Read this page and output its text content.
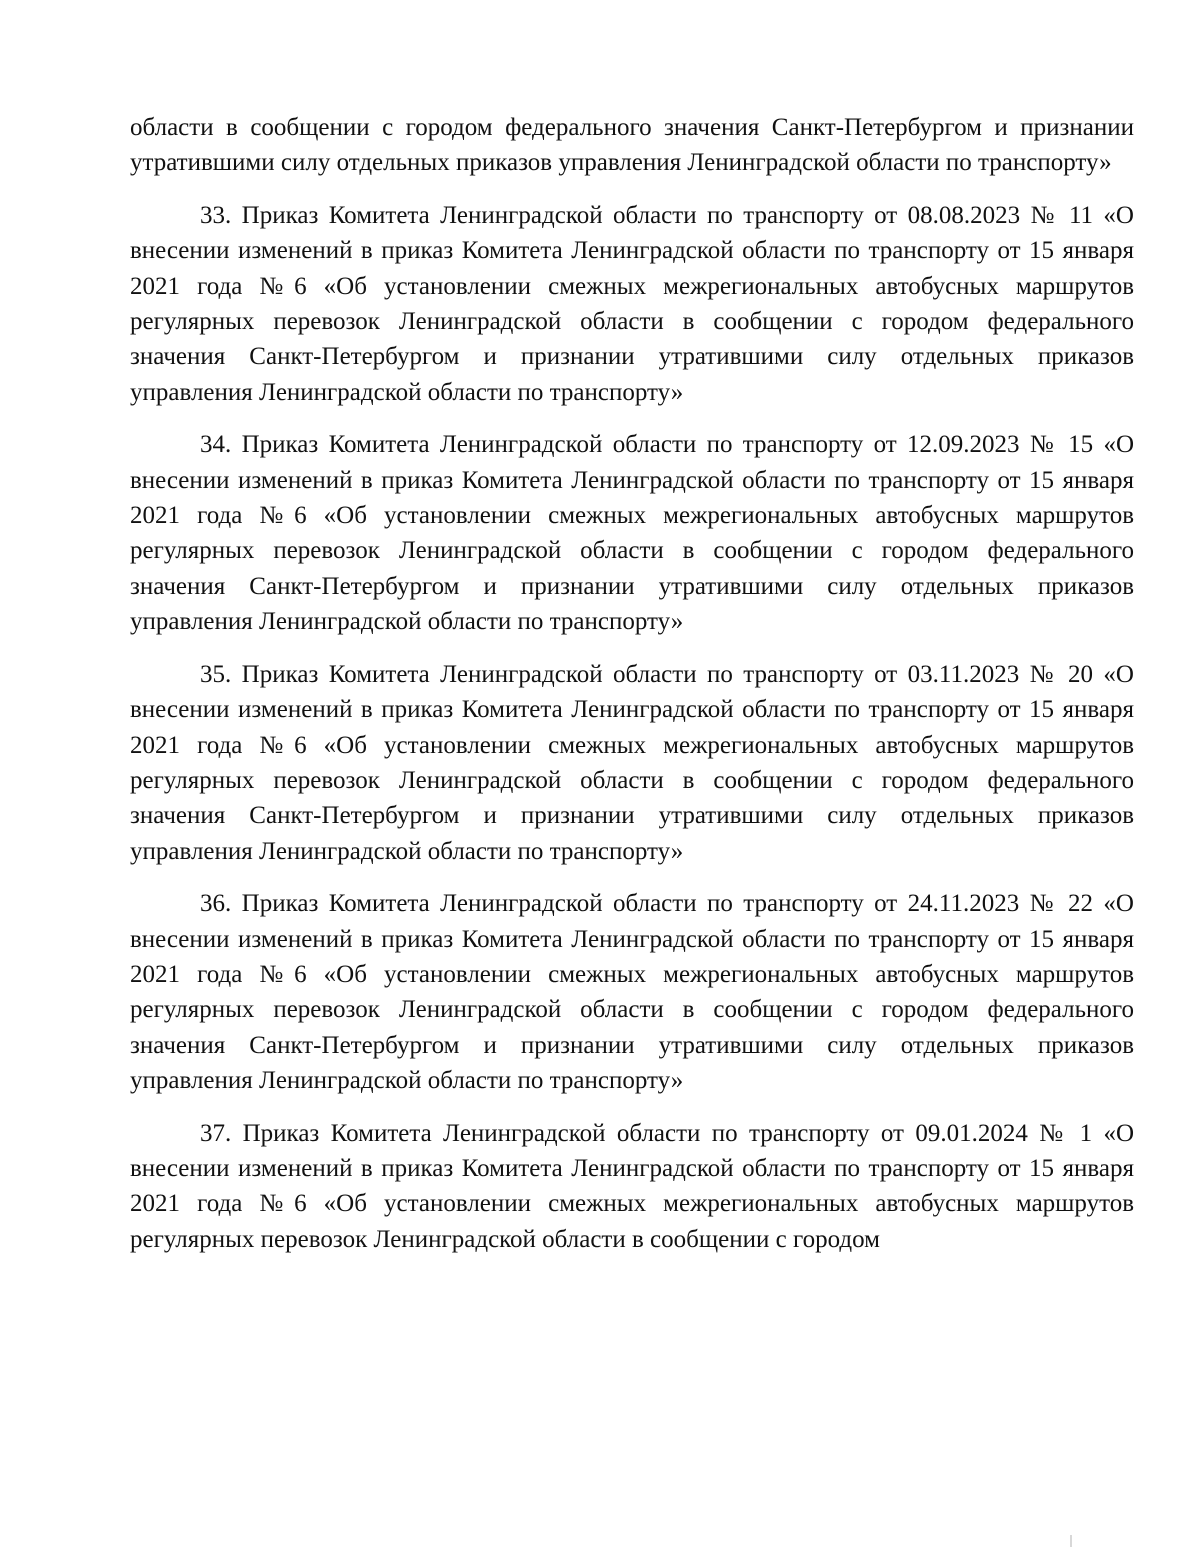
области в сообщении с городом федерального значения Санкт-Петербургом и признании утратившими силу отдельных приказов управления Ленинградской области по транспорту»

33. Приказ Комитета Ленинградской области по транспорту от 08.08.2023 № 11 «О внесении изменений в приказ Комитета Ленинградской области по транспорту от 15 января 2021 года №6 «Об установлении смежных межрегиональных автобусных маршрутов регулярных перевозок Ленинградской области в сообщении с городом федерального значения Санкт-Петербургом и признании утратившими силу отдельных приказов управления Ленинградской области по транспорту»

34. Приказ Комитета Ленинградской области по транспорту от 12.09.2023 № 15 «О внесении изменений в приказ Комитета Ленинградской области по транспорту от 15 января 2021 года №6 «Об установлении смежных межрегиональных автобусных маршрутов регулярных перевозок Ленинградской области в сообщении с городом федерального значения Санкт-Петербургом и признании утратившими силу отдельных приказов управления Ленинградской области по транспорту»

35. Приказ Комитета Ленинградской области по транспорту от 03.11.2023 № 20 «О внесении изменений в приказ Комитета Ленинградской области по транспорту от 15 января 2021 года №6 «Об установлении смежных межрегиональных автобусных маршрутов регулярных перевозок Ленинградской области в сообщении с городом федерального значения Санкт-Петербургом и признании утратившими силу отдельных приказов управления Ленинградской области по транспорту»

36. Приказ Комитета Ленинградской области по транспорту от 24.11.2023 № 22 «О внесении изменений в приказ Комитета Ленинградской области по транспорту от 15 января 2021 года №6 «Об установлении смежных межрегиональных автобусных маршрутов регулярных перевозок Ленинградской области в сообщении с городом федерального значения Санкт-Петербургом и признании утратившими силу отдельных приказов управления Ленинградской области по транспорту»

37. Приказ Комитета Ленинградской области по транспорту от 09.01.2024 № 1 «О внесении изменений в приказ Комитета Ленинградской области по транспорту от 15 января 2021 года №6 «Об установлении смежных межрегиональных автобусных маршрутов регулярных перевозок Ленинградской области в сообщении с городом
